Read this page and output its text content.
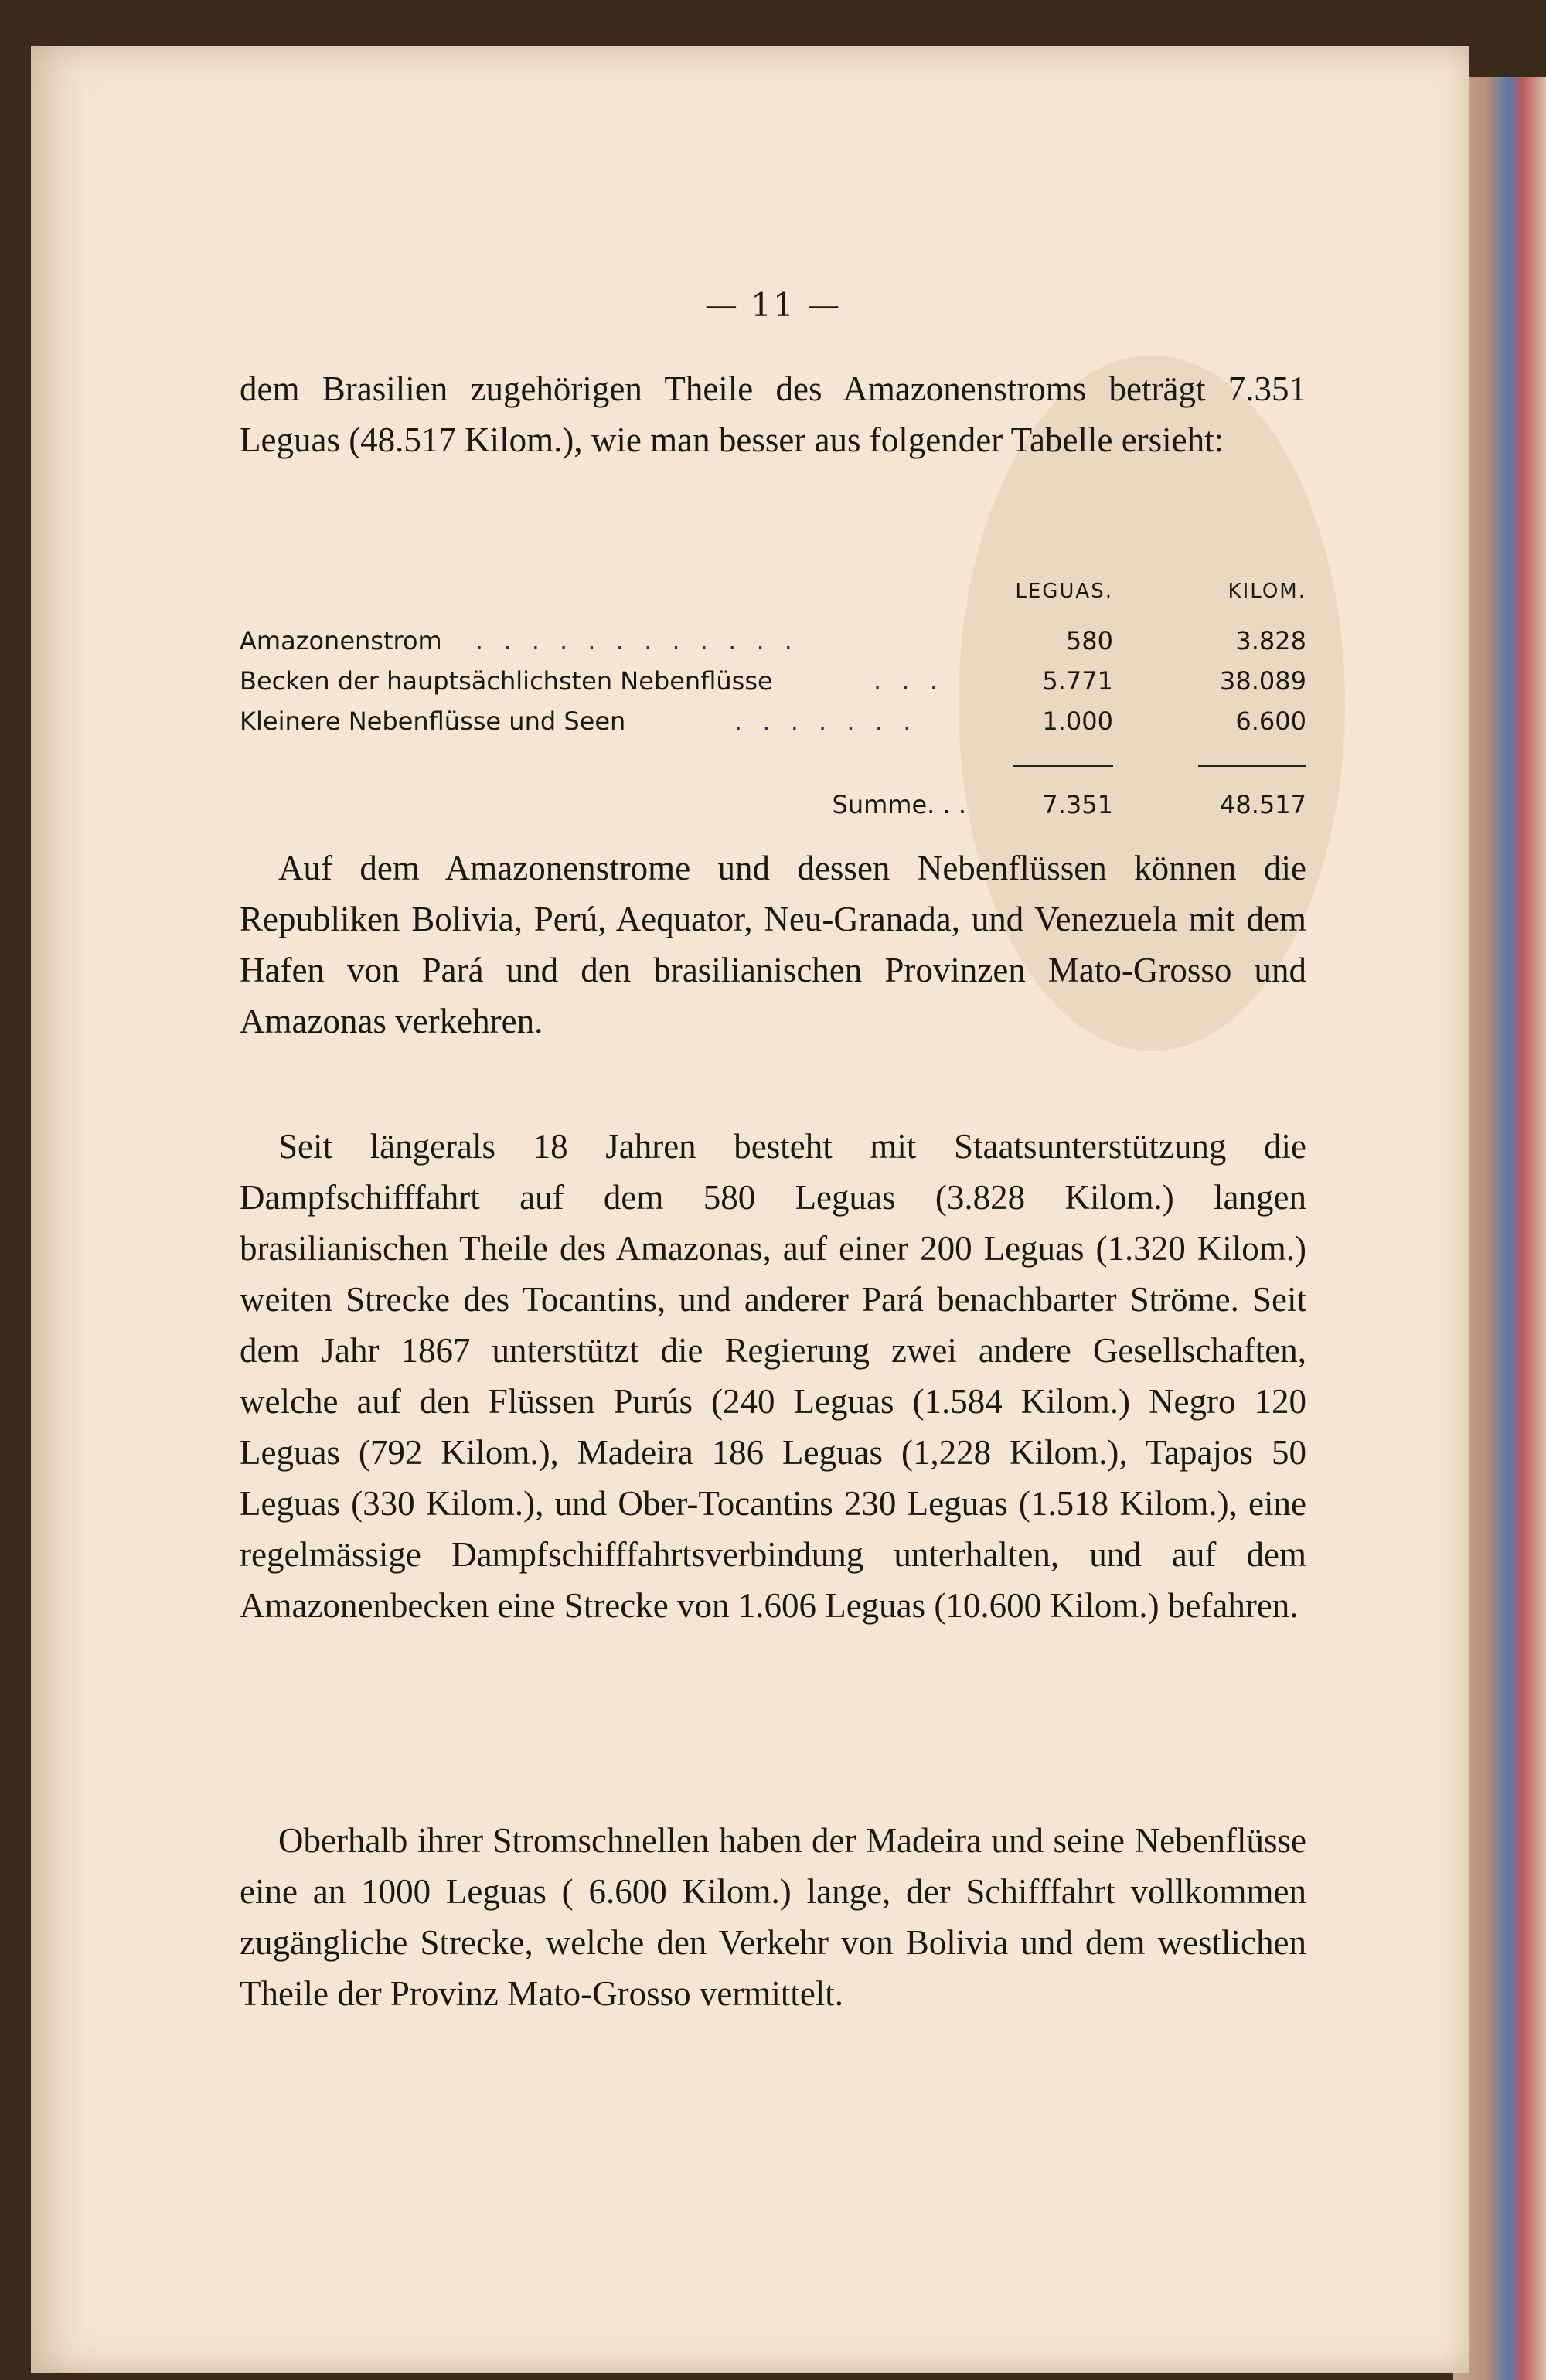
— 11 —

dem Brasilien zugehörigen Theile des Amazonenstroms beträgt 7.351 Leguas (48.517 Kilom.), wie man besser aus folgender Tabelle ersieht:

LEGUAS.	KILOM.
Amazonenstrom . . . . . . . . . . . .	580	3.828
Becken der hauptsächlichsten Nebenflüsse	. . .	5.771	38.089
Kleinere Nebenflüsse und Seen	. . . . . . .	1.000	6.600
Summe. . .	7.351	48.517

Auf dem Amazonenstrome und dessen Nebenflüssen können die Republiken Bolivia, Perú, Aequator, Neu-Granada, und Venezuela mit dem Hafen von Pará und den brasilianischen Provinzen Mato-Grosso und Amazonas verkehren.

Seit längerals 18 Jahren besteht mit Staatsunterstützung die Dampfschifffahrt auf dem 580 Leguas (3.828 Kilom.) langen brasilianischen Theile des Amazonas, auf einer 200 Leguas (1.320 Kilom.) weiten Strecke des Tocantins, und anderer Pará benachbarter Ströme. Seit dem Jahr 1867 unterstützt die Regierung zwei andere Gesellschaften, welche auf den Flüssen Purús (240 Leguas (1.584 Kilom.) Negro 120 Leguas (792 Kilom.), Madeira 186 Leguas (1,228 Kilom.), Tapajos 50 Leguas (330 Kilom.), und Ober-Tocantins 230 Leguas (1.518 Kilom.), eine regelmässige Dampfschifffahrtsverbindung unterhalten, und auf dem Amazonenbecken eine Strecke von 1.606 Leguas (10.600 Kilom.) befahren.

Oberhalb ihrer Stromschnellen haben der Madeira und seine Nebenflüsse eine an 1000 Leguas ( 6.600 Kilom.) lange, der Schifffahrt vollkommen zugängliche Strecke, welche den Verkehr von Bolivia und dem westlichen Theile der Provinz Mato-Grosso vermittelt.
